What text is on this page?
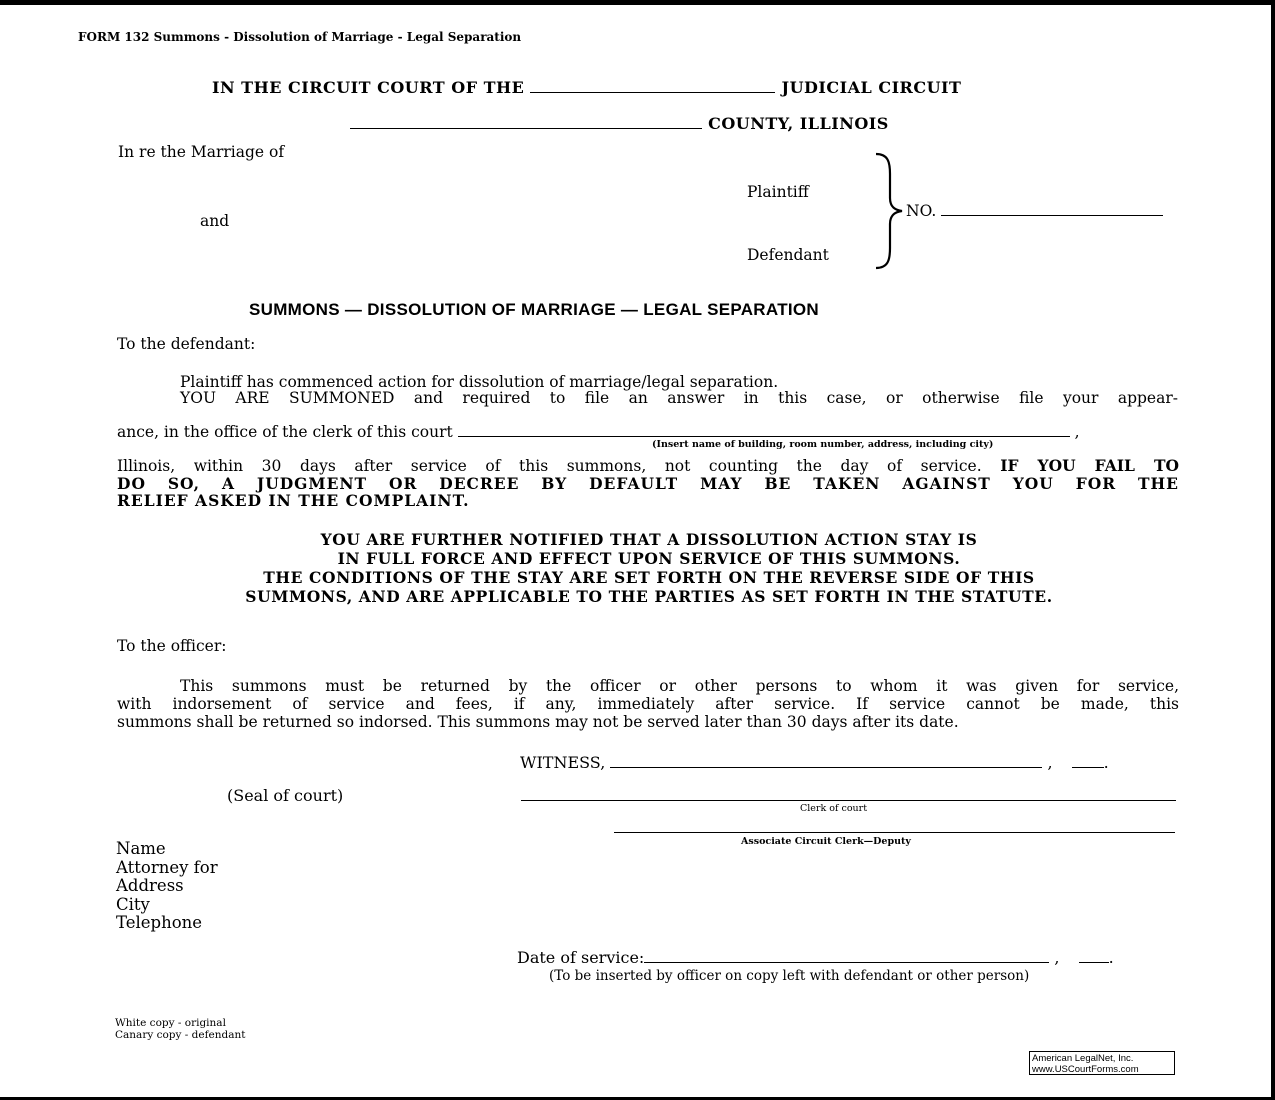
FORM 132 Summons - Dissolution of Marriage - Legal Separation
IN THE CIRCUIT COURT OF THE	JUDICIAL CIRCUIT
COUNTY, ILLINOIS
In re the Marriage of
Plaintiff
and
Defendant
NO.
SUMMONS — DISSOLUTION OF MARRIAGE — LEGAL SEPARATION
To the defendant:
Plaintiff has commenced action for dissolution of marriage/legal separation.
YOU ARE SUMMONED and required to file an answer in this case, or otherwise file your appear-
ance, in the office of the clerk of this court	,
(Insert name of building, room number, address, including city)
Illinois, within 30 days after service of this summons, not counting the day of service. IF YOU FAIL TO
DO SO, A JUDGMENT OR DECREE BY DEFAULT MAY BE TAKEN AGAINST YOU FOR THE
RELIEF ASKED IN THE COMPLAINT.
YOU ARE FURTHER NOTIFIED THAT A DISSOLUTION ACTION STAY IS
IN FULL FORCE AND EFFECT UPON SERVICE OF THIS SUMMONS.
THE CONDITIONS OF THE STAY ARE SET FORTH ON THE REVERSE SIDE OF THIS
SUMMONS, AND ARE APPLICABLE TO THE PARTIES AS SET FORTH IN THE STATUTE.
To the officer:
This summons must be returned by the officer or other persons to whom it was given for service,
with indorsement of service and fees, if any, immediately after service. If service cannot be made, this
summons shall be returned so indorsed. This summons may not be served later than 30 days after its date.
WITNESS,	,	.
(Seal of court)
Clerk of court
Associate Circuit Clerk—Deputy
Name
Attorney for
Address
City
Telephone
Date of service:	,	.
(To be inserted by officer on copy left with defendant or other person)
White copy - original
Canary copy - defendant
American LegalNet, Inc.
www.USCourtForms.com
